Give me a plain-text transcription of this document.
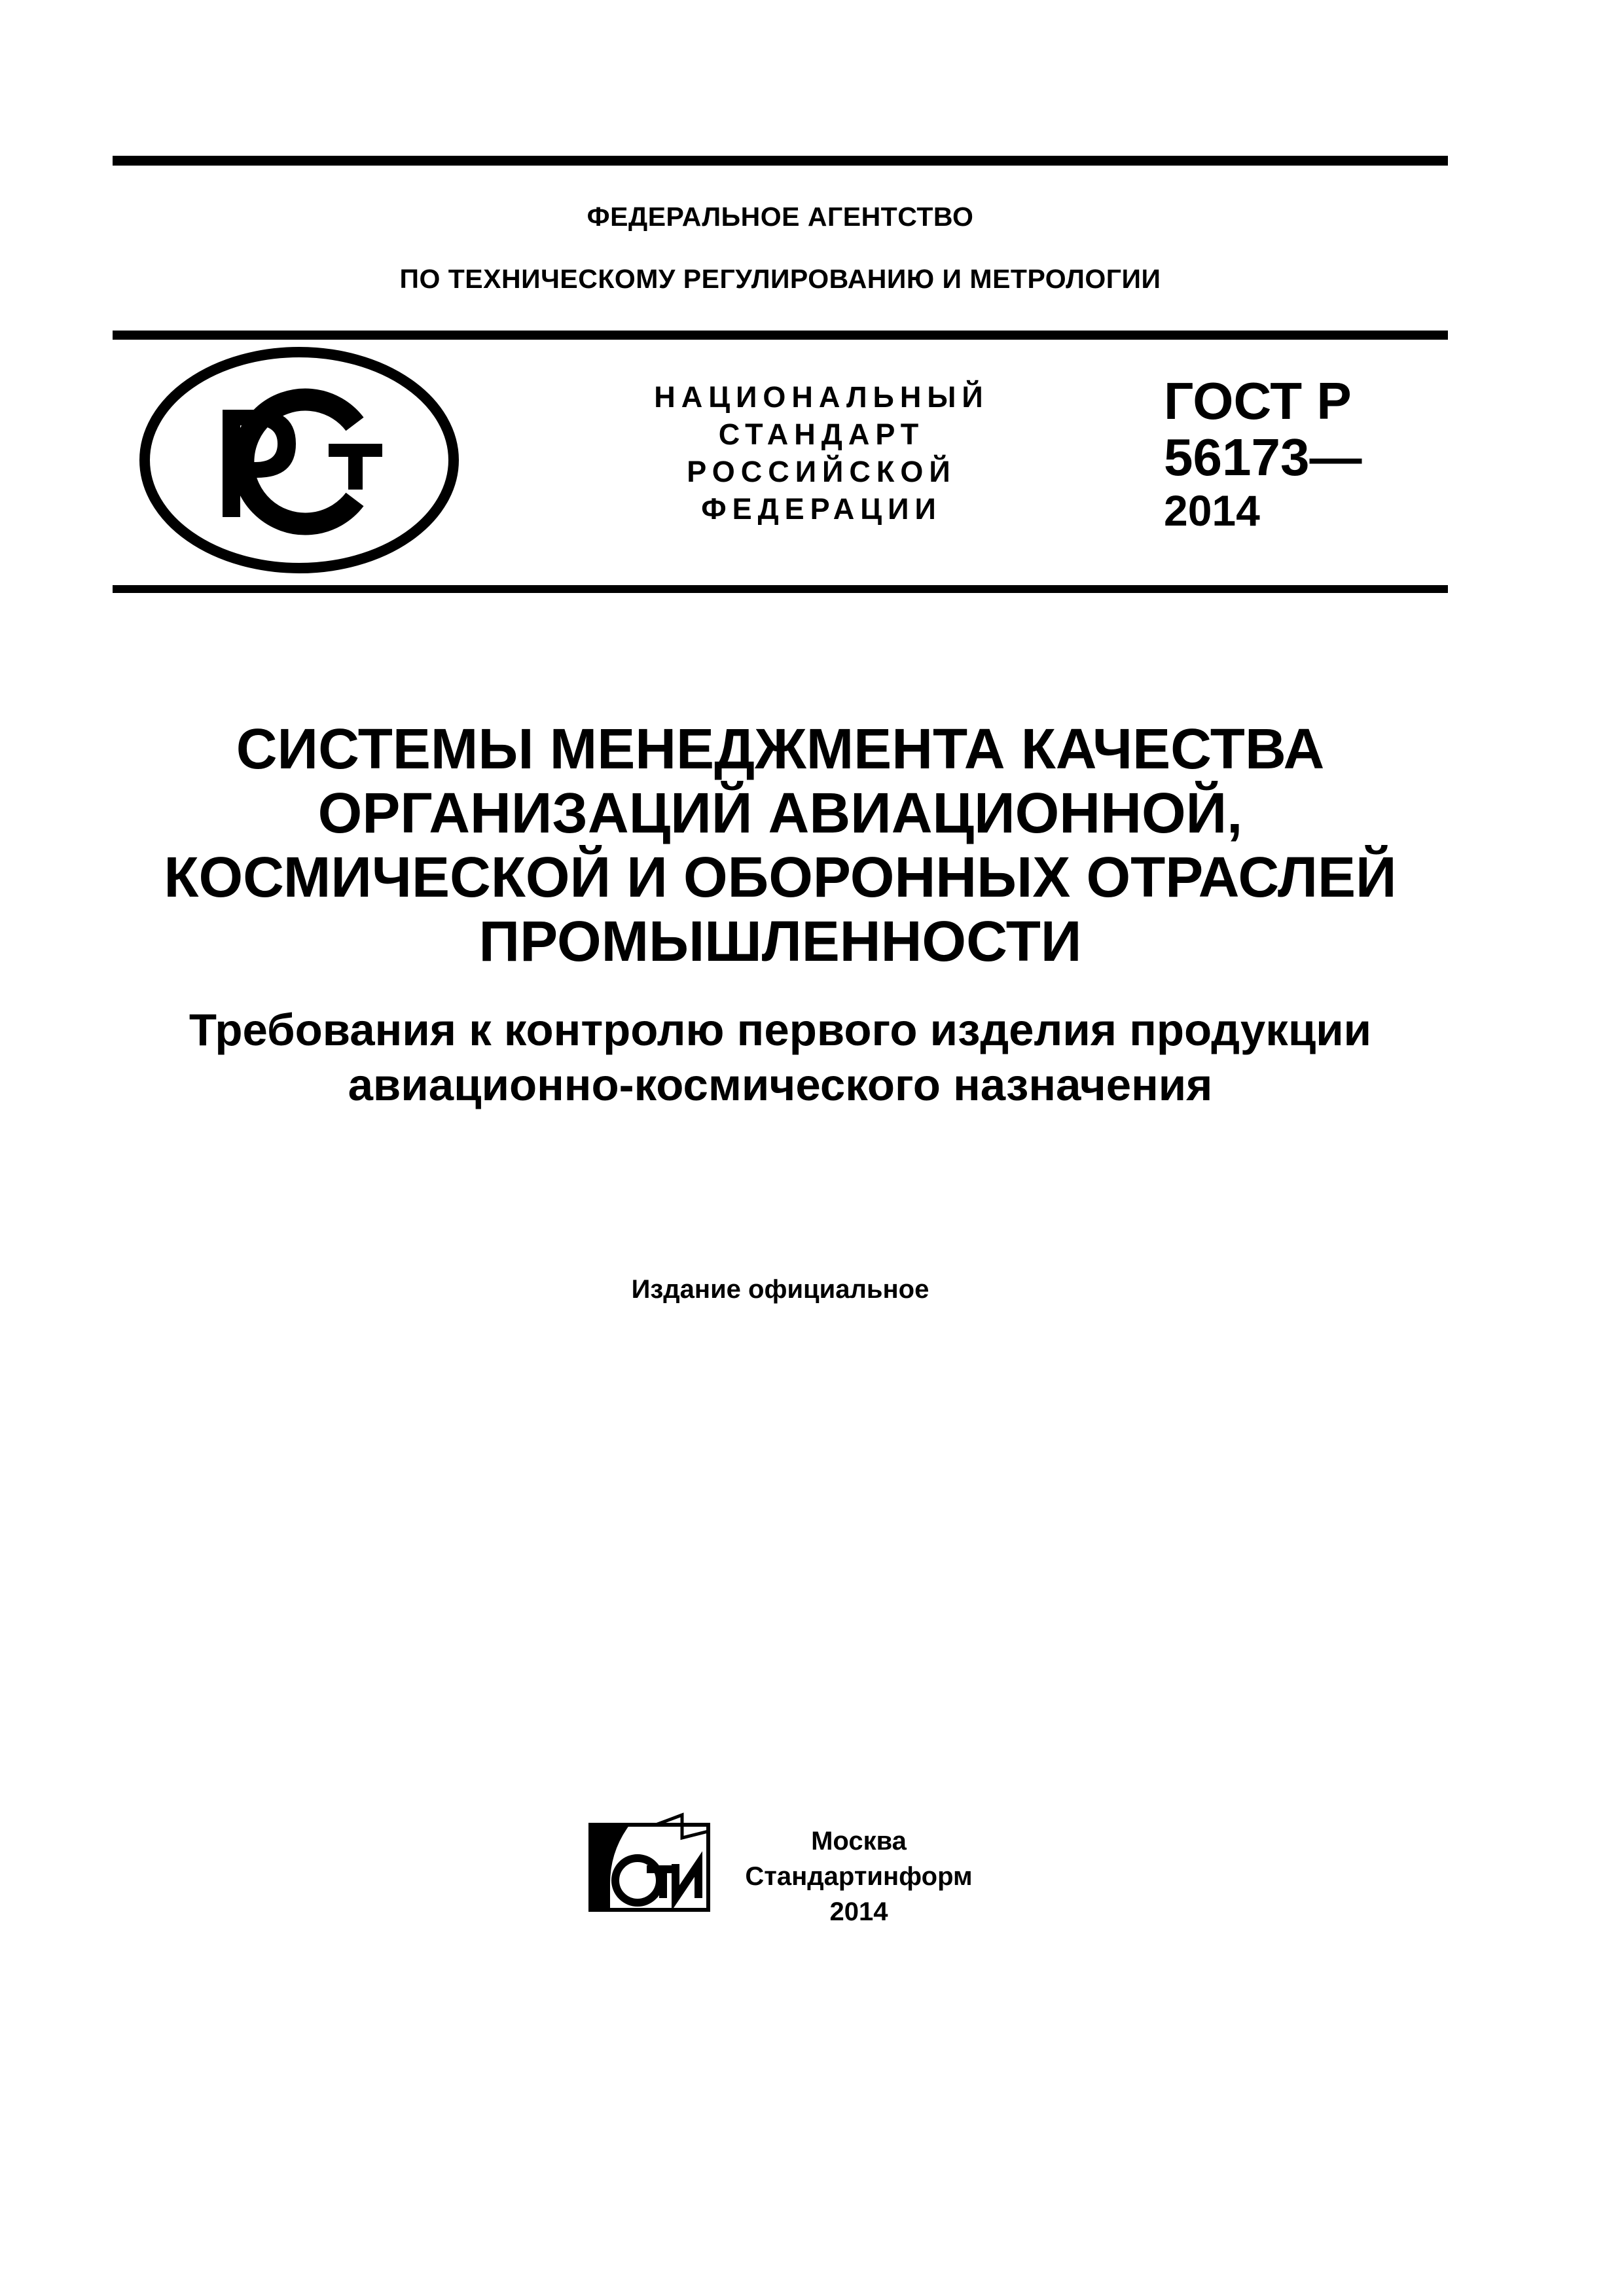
ФЕДЕРАЛЬНОЕ АГЕНТСТВО
ПО ТЕХНИЧЕСКОМУ РЕГУЛИРОВАНИЮ И МЕТРОЛОГИИ
НАЦИОНАЛЬНЫЙ
СТАНДАРТ
РОССИЙСКОЙ
ФЕДЕРАЦИИ
ГОСТ Р
56173—
2014
СИСТЕМЫ МЕНЕДЖМЕНТА КАЧЕСТВА
ОРГАНИЗАЦИЙ АВИАЦИОННОЙ,
КОСМИЧЕСКОЙ И ОБОРОННЫХ ОТРАСЛЕЙ
ПРОМЫШЛЕННОСТИ
Требования к контролю первого изделия продукции
авиационно-космического назначения
Издание официальное
Москва
Стандартинформ
2014
